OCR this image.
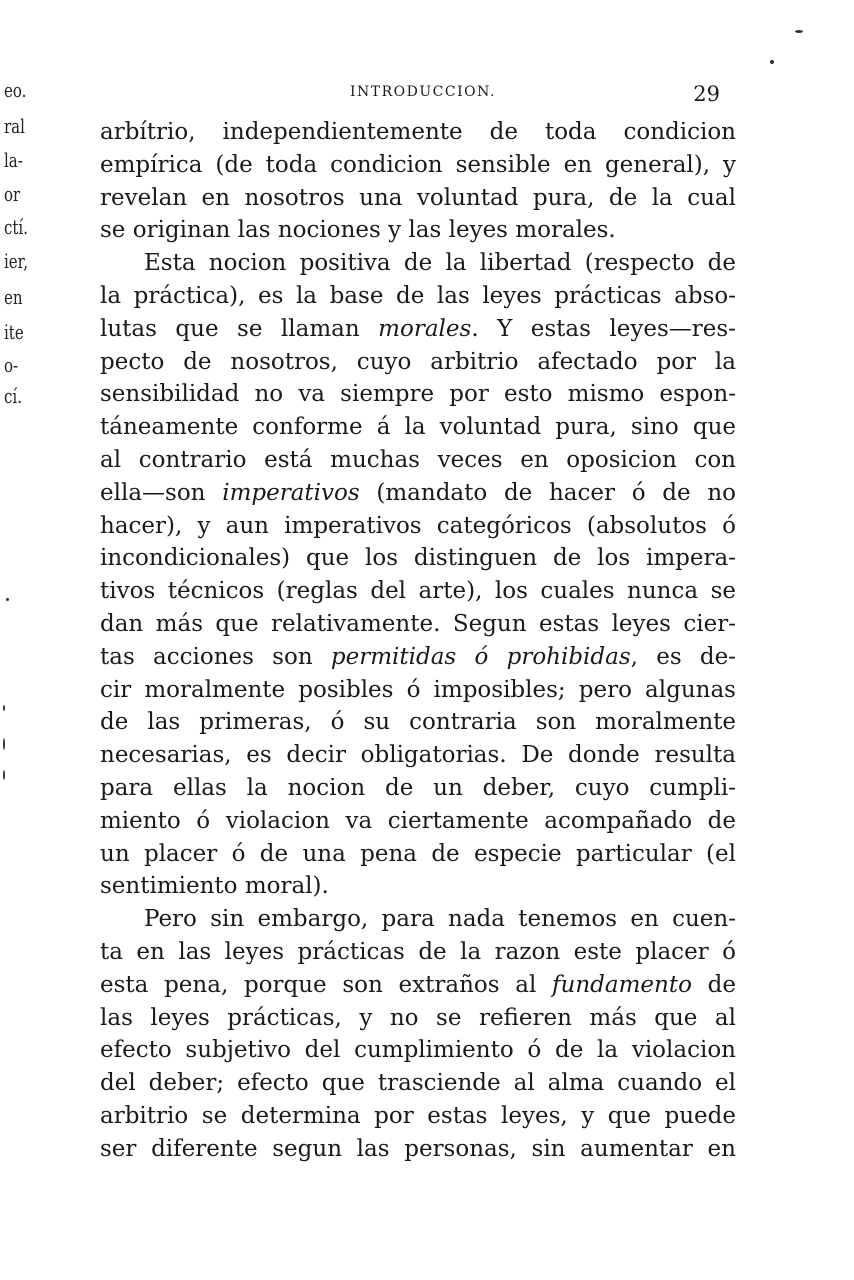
eo.
ral
la-
or
ctí.
ier,
en
ite
o-
cí.
INTRODUCCION.	29
arbítrio, independientemente de toda condicion
empírica (de toda condicion sensible en general), y
revelan en nosotros una voluntad pura, de la cual
se originan las nociones y las leyes morales.
Esta nocion positiva de la libertad (respecto de
la práctica), es la base de las leyes prácticas abso-
lutas que se llaman morales. Y estas leyes—res-
pecto de nosotros, cuyo arbitrio afectado por la
sensibilidad no va siempre por esto mismo espon-
táneamente conforme á la voluntad pura, sino que
al contrario está muchas veces en oposicion con
ella—son imperativos (mandato de hacer ó de no
hacer), y aun imperativos categóricos (absolutos ó
incondicionales) que los distinguen de los impera-
tivos técnicos (reglas del arte), los cuales nunca se
dan más que relativamente. Segun estas leyes cier-
tas acciones son permitidas ó prohibidas, es de-
cir moralmente posibles ó imposibles; pero algunas
de las primeras, ó su contraria son moralmente
necesarias, es decir obligatorias. De donde resulta
para ellas la nocion de un deber, cuyo cumpli-
miento ó violacion va ciertamente acompañado de
un placer ó de una pena de especie particular (el
sentimiento moral).
Pero sin embargo, para nada tenemos en cuen-
ta en las leyes prácticas de la razon este placer ó
esta pena, porque son extraños al fundamento de
las leyes prácticas, y no se refieren más que al
efecto subjetivo del cumplimiento ó de la violacion
del deber; efecto que trasciende al alma cuando el
arbitrio se determina por estas leyes, y que puede
ser diferente segun las personas, sin aumentar en
